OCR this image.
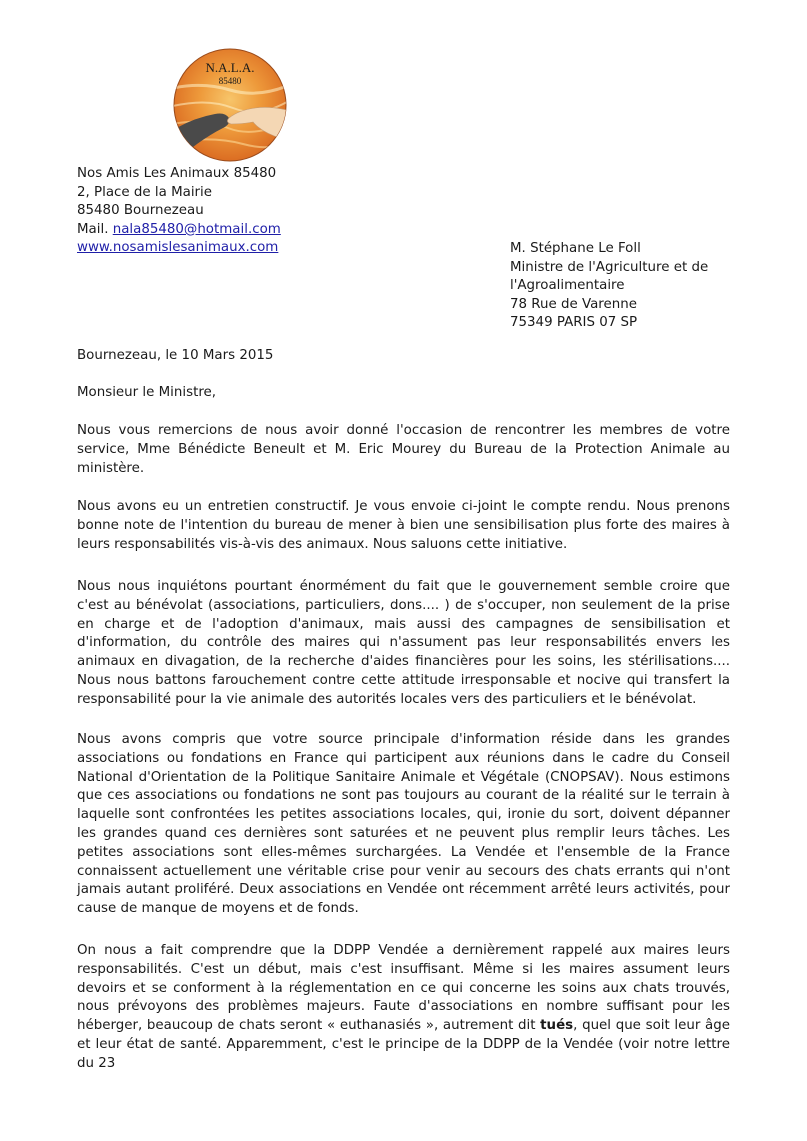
N.A.L.A.
85480
Nos Amis Les Animaux 85480
2, Place de la Mairie
85480 Bournezeau
Mail. nala85480@hotmail.com
www.nosamislesanimaux.com	M. Stéphane Le Foll
Ministre de l'Agriculture et de
l'Agroalimentaire
78 Rue de Varenne
75349 PARIS 07 SP
Bournezeau, le 10 Mars 2015
Monsieur le Ministre,
Nous vous remercions de nous avoir donné l'occasion de rencontrer les membres de votre service, Mme Bénédicte Beneult et M. Eric Mourey du Bureau de la Protection Animale au ministère.
Nous avons eu un entretien constructif. Je vous envoie ci-joint le compte rendu. Nous prenons bonne note de l'intention du bureau de mener à bien une sensibilisation plus forte des maires à leurs responsabilités vis-à-vis des animaux. Nous saluons cette initiative.
Nous nous inquiétons pourtant énormément du fait que le gouvernement semble croire que c'est au bénévolat (associations, particuliers, dons.... ) de s'occuper, non seulement de la prise en charge et de l'adoption d'animaux, mais aussi des campagnes de sensibilisation et d'information, du contrôle des maires qui n'assument pas leur responsabilités envers les animaux en divagation, de la recherche d'aides financières pour les soins, les stérilisations.... Nous nous battons farouchement contre cette attitude irresponsable et nocive qui transfert la responsabilité pour la vie animale des autorités locales vers des particuliers et le bénévolat.
Nous avons compris que votre source principale d'information réside dans les grandes associations ou fondations en France qui participent aux réunions dans le cadre du Conseil National d'Orientation de la Politique Sanitaire Animale et Végétale (CNOPSAV). Nous estimons que ces associations ou fondations ne sont pas toujours au courant de la réalité sur le terrain à laquelle sont confrontées les petites associations locales, qui, ironie du sort, doivent dépanner les grandes quand ces dernières sont saturées et ne peuvent plus remplir leurs tâches. Les petites associations sont elles-mêmes surchargées. La Vendée et l'ensemble de la France connaissent actuellement une véritable crise pour venir au secours des chats errants qui n'ont jamais autant proliféré. Deux associations en Vendée ont récemment arrêté leurs activités, pour cause de manque de moyens et de fonds.
On nous a fait comprendre que la DDPP Vendée a dernièrement rappelé aux maires leurs responsabilités. C'est un début, mais c'est insuffisant. Même si les maires assument leurs devoirs et se conforment à la réglementation en ce qui concerne les soins aux chats trouvés, nous prévoyons des problèmes majeurs. Faute d'associations en nombre suffisant pour les héberger, beaucoup de chats seront « euthanasiés », autrement dit tués, quel que soit leur âge et leur état de santé. Apparemment, c'est le principe de la DDPP de la Vendée (voir notre lettre du 23
